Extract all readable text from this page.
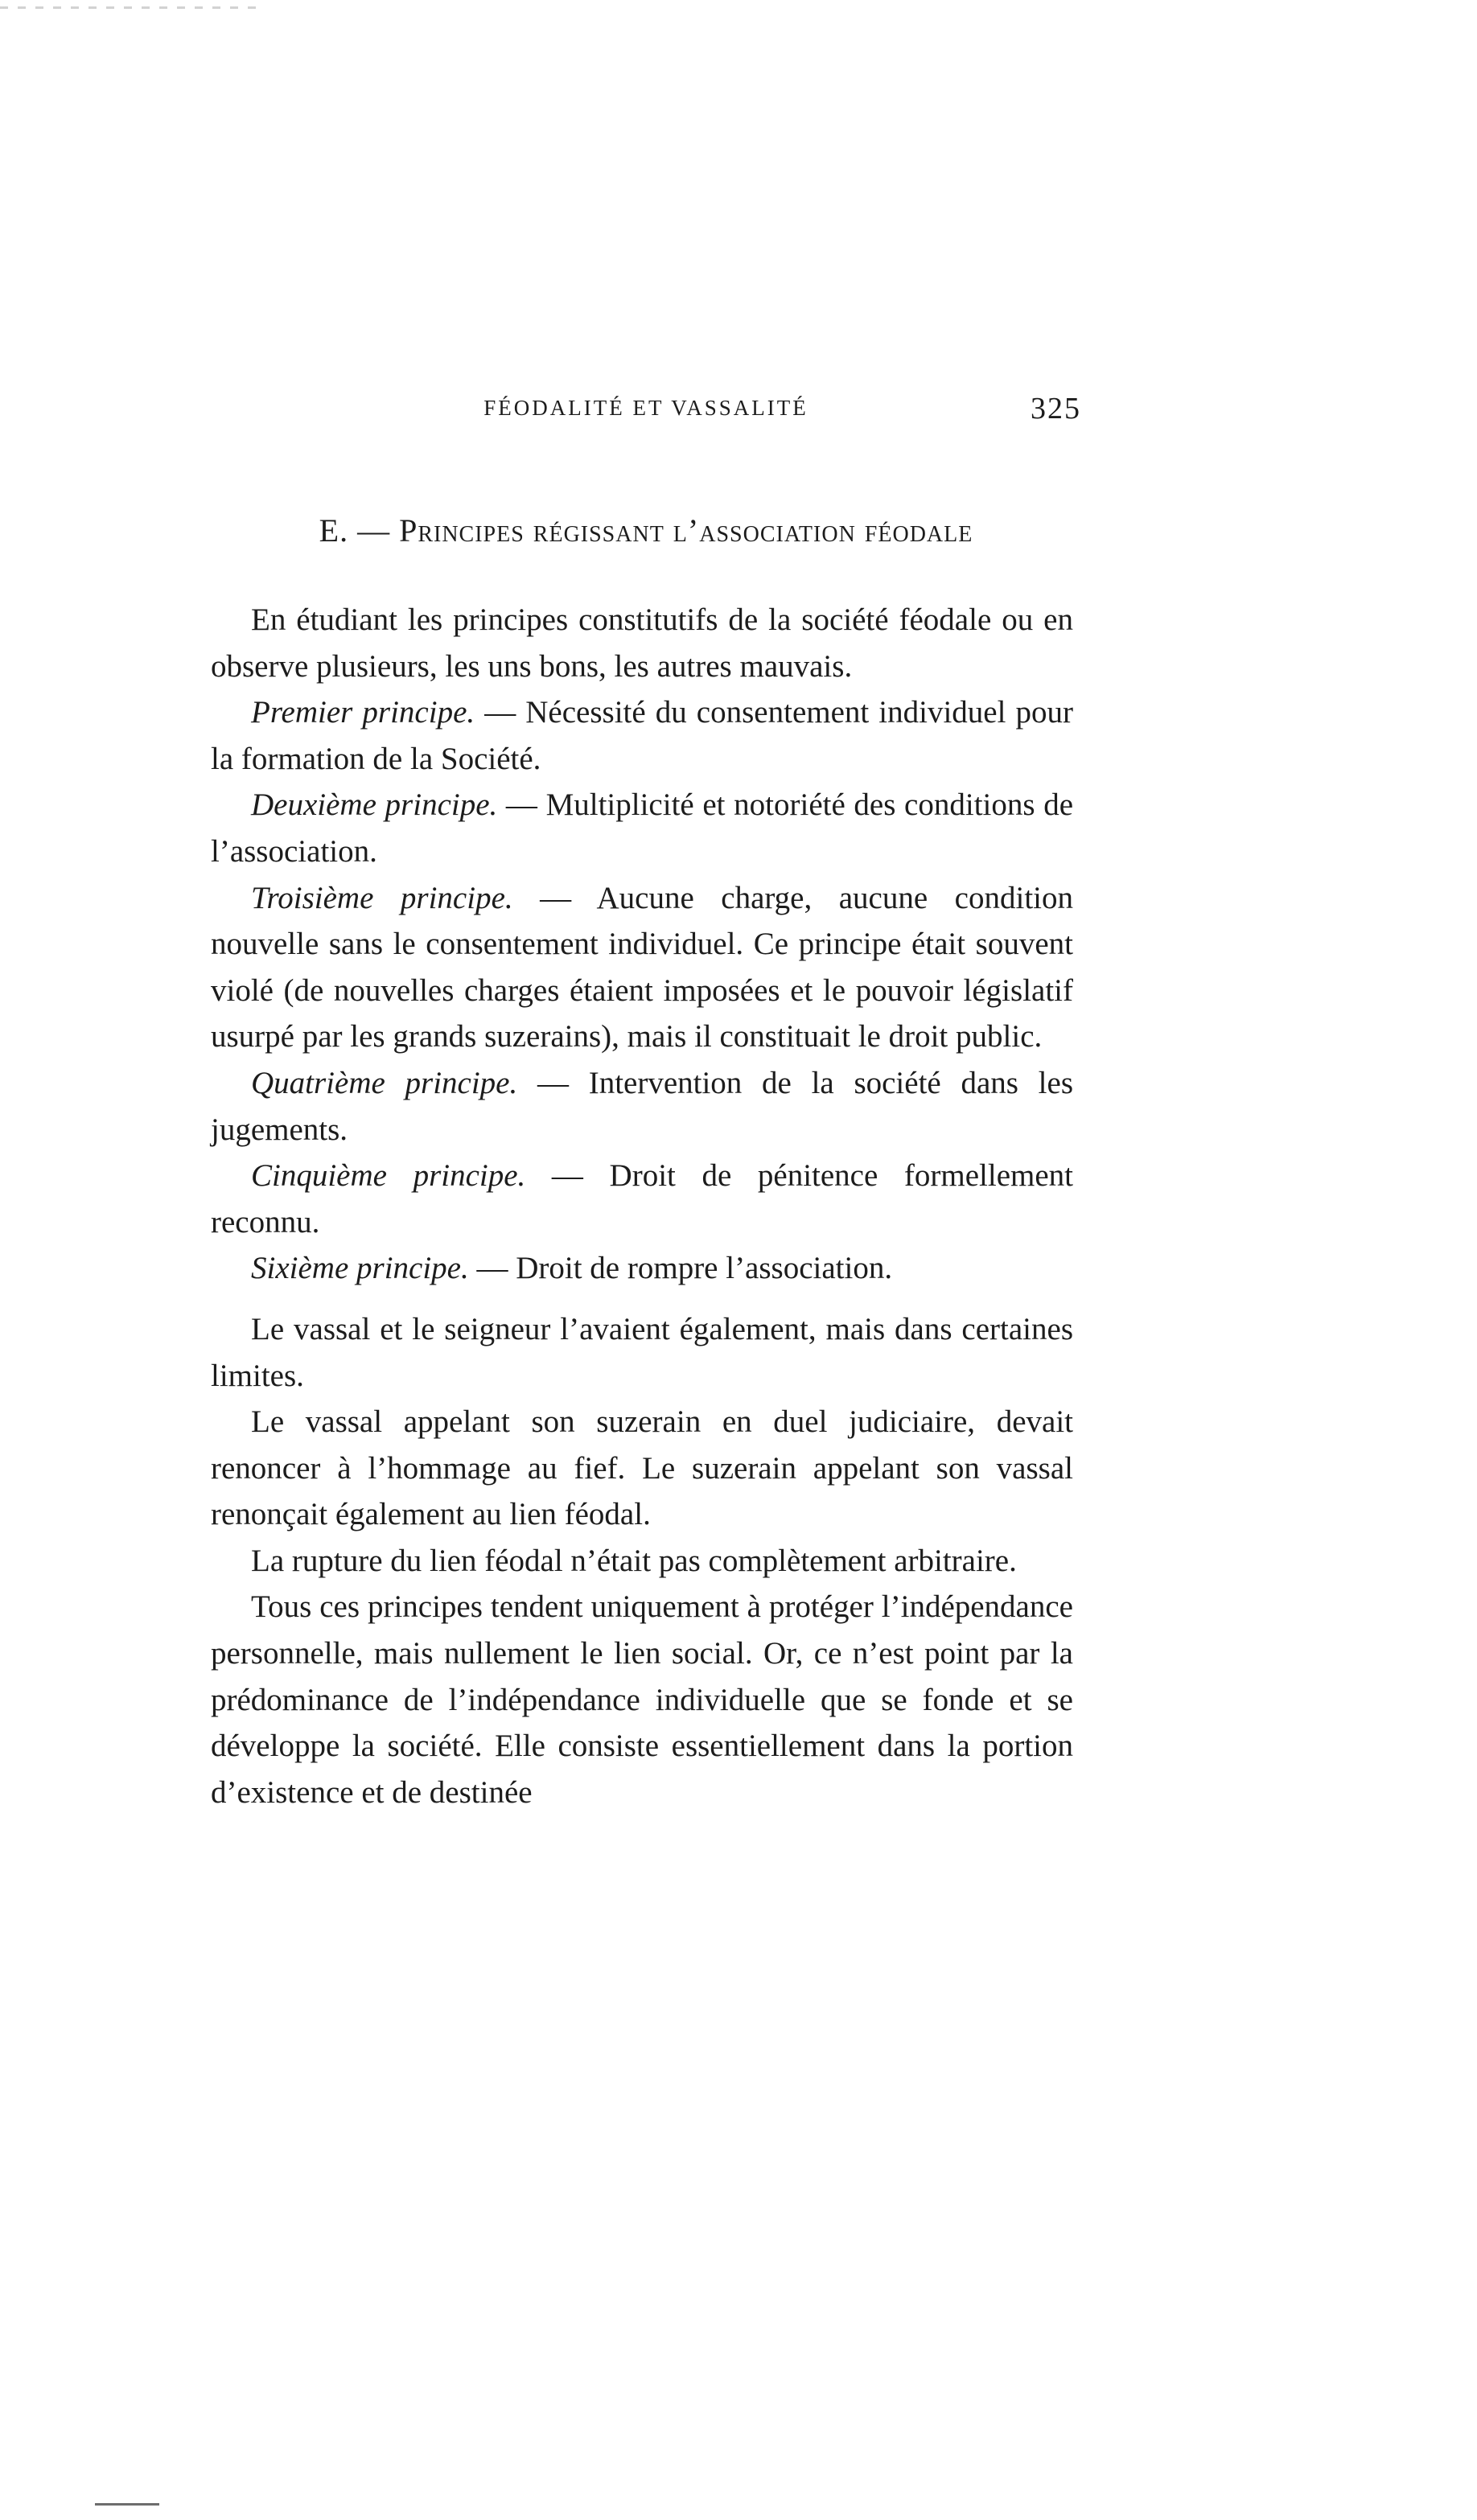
FÉODALITÉ ET VASSALITÉ	325
E. — Principes régissant l’association féodale

En étudiant les principes constitutifs de la société féodale ou en observe plusieurs, les uns bons, les autres mauvais.

Premier principe. — Nécessité du consentement individuel pour la formation de la Société.

Deuxième principe. — Multiplicité et notoriété des conditions de l’association.

Troisième principe. — Aucune charge, aucune condition nouvelle sans le consentement individuel. Ce principe était souvent violé (de nouvelles charges étaient imposées et le pouvoir législatif usurpé par les grands suzerains), mais il constituait le droit public.

Quatrième principe. — Intervention de la société dans les jugements.

Cinquième principe. — Droit de pénitence formellement reconnu.

Sixième principe. — Droit de rompre l’association.

Le vassal et le seigneur l’avaient également, mais dans certaines limites.

Le vassal appelant son suzerain en duel judiciaire, devait renoncer à l’hommage au fief. Le suzerain appelant son vassal renonçait également au lien féodal.

La rupture du lien féodal n’était pas complètement arbitraire.

Tous ces principes tendent uniquement à protéger l’indépendance personnelle, mais nullement le lien social. Or, ce n’est point par la prédominance de l’indépendance individuelle que se fonde et se développe la société. Elle consiste essentiellement dans la portion d’existence et de destinée
